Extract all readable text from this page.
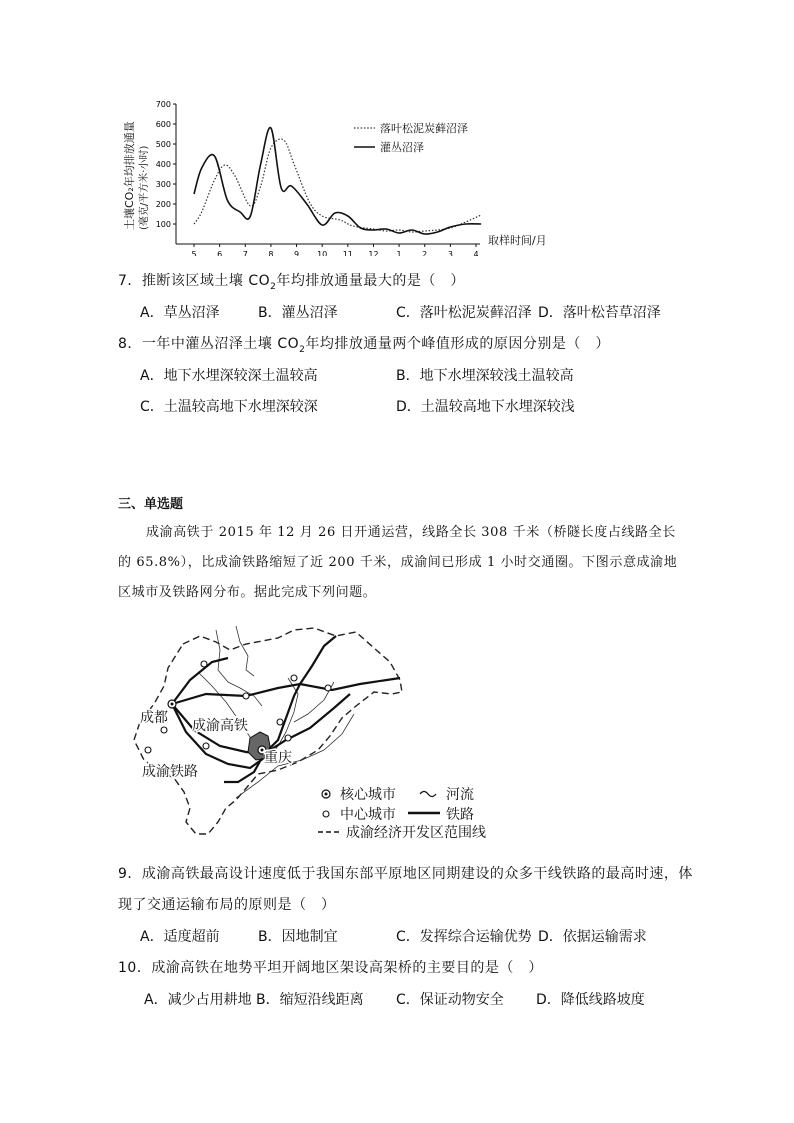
土壤CO₂年均排放通量 (毫克/平方米·小时)
700
600
500
400
300
200
100
5	6	7	8	9 10 11 12 1	2	3	4
取样时间/月
落叶松泥炭藓沼泽
灌丛沼泽
7．推断该区域土壤 $CO_2$年均排放通量最大的是（　）
A．草丛沼泽	B．灌丛沼泽	C．落叶松泥炭藓沼泽 D．落叶松苔草沼泽
8．一年中灌丛沼泽土壤 $CO_2$年均排放通量两个峰值形成的原因分别是（　）
A．地下水埋深较深土温较高	B．地下水埋深较浅土温较高
C．土温较高地下水埋深较深	D．土温较高地下水埋深较浅
三、单选题
成渝高铁于 2015 年 12 月 26 日开通运营，线路全长 308 千米（桥隧长度占线路全长
的 65.8%），比成渝铁路缩短了近 200 千米，成渝间已形成 1 小时交通圈。下图示意成渝地
区城市及铁路网分布。据此完成下列问题。
成都 成渝高铁
重庆
成渝铁路
核心城市	河流
中心城市	铁路
成渝经济开发区范围线
9．成渝高铁最高设计速度低于我国东部平原地区同期建设的众多干线铁路的最高时速，体
现了交通运输布局的原则是（　）
A．适度超前	B．因地制宜	C．发挥综合运输优势 D．依据运输需求
10．成渝高铁在地势平坦开阔地区架设高架桥的主要目的是（　）
A．减少占用耕地 B．缩短沿线距离 C．保证动物安全 D．降低线路坡度
